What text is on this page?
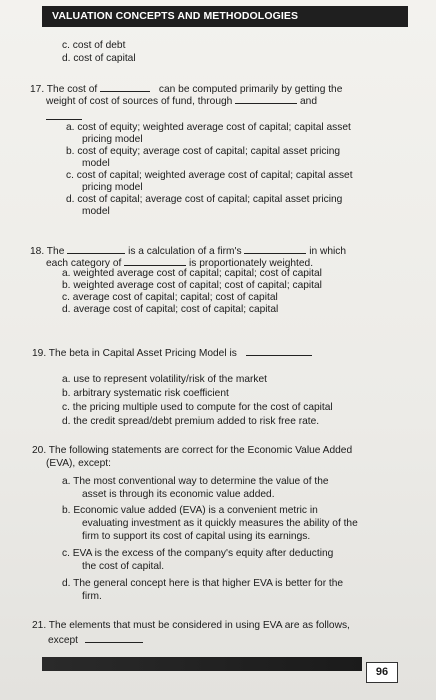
VALUATION CONCEPTS AND METHODOLOGIES
c. cost of debt
d. cost of capital
17. The cost of	can be computed primarily by getting the
weight of cost of sources of fund, through	and
a. cost of equity; weighted average cost of capital; capital asset
pricing model
b. cost of equity; average cost of capital; capital asset pricing
model
c. cost of capital; weighted average cost of capital; capital asset
pricing model
d. cost of capital; average cost of capital; capital asset pricing
model
18. The	is a calculation of a firm's	in which
each category of	is proportionately weighted.
a. weighted average cost of capital; capital; cost of capital
b. weighted average cost of capital; cost of capital; capital
c. average cost of capital; capital; cost of capital
d. average cost of capital; cost of capital; capital
19. The beta in Capital Asset Pricing Model is
a. use to represent volatility/risk of the market
b. arbitrary systematic risk coefficient
c. the pricing multiple used to compute for the cost of capital
d. the credit spread/debt premium added to risk free rate.
20. The following statements are correct for the Economic Value Added
(EVA), except:
a. The most conventional way to determine the value of the
asset is through its economic value added.
b. Economic value added (EVA) is a convenient metric in
evaluating investment as it quickly measures the ability of the
firm to support its cost of capital using its earnings.
c. EVA is the excess of the company's equity after deducting
the cost of capital.
d. The general concept here is that higher EVA is better for the
firm.
21. The elements that must be considered in using EVA are as follows,
except
96
